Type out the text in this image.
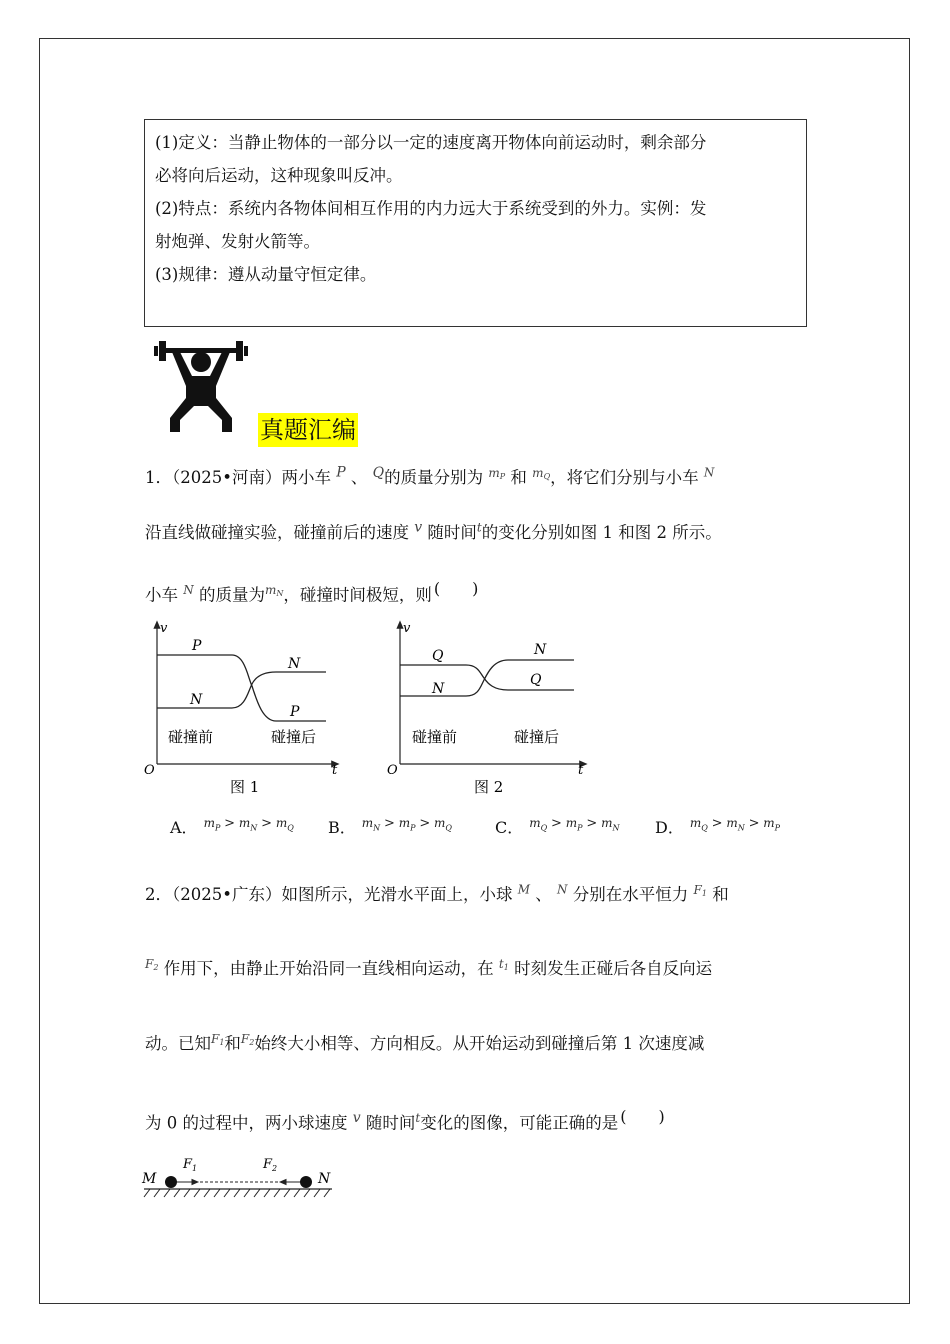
(1)定义：当静止物体的一部分以一定的速度离开物体向前运动时，剩余部分

必将向后运动，这种现象叫反冲。

(2)特点：系统内各物体间相互作用的内力远大于系统受到的外力。实例：发

射炮弹、发射火箭等。

(3)规律：遵从动量守恒定律。

真题汇编
1．（2025•河南）两小车 $^P$ 、 $^Q$的质量分别为 $^{m_P}$ 和 $^{m_Q}$，将它们分别与小车 $^N$
沿直线做碰撞实验，碰撞前后的速度 $^v$ 随时间$^t$的变化分别如图 1 和图 2 所示。
小车 $^N$ 的质量为$^{m_N}$，碰撞时间极短，则 (　　)
v
t
O
P
N
N
P
碰撞前	碰撞后
图 1
v
t
O
Q
N
N
Q
碰撞前	碰撞后
图 2
A． $^{m_P > m_N > m_Q}$ B． $^{m_N > m_P > m_Q}$	C． $^{m_Q > m_P > m_N}$ D． $^{m_Q > m_N > m_P}$
2．（2025•广东）如图所示，光滑水平面上，小球 $^M$ 、 $^N$ 分别在水平恒力 $^{F_1}$ 和
$^{F_2}$ 作用下，由静止开始沿同一直线相向运动，在 $^{t_1}$ 时刻发生正碰后各自反向运
动。已知$^{F_1}$和$^{F_2}$始终大小相等、方向相反。从开始运动到碰撞后第 1 次速度减
为 0 的过程中，两小球速度 $^v$ 随时间$^t$变化的图像，可能正确的是 (　　)
M	N
$F_1$	$F_2$
